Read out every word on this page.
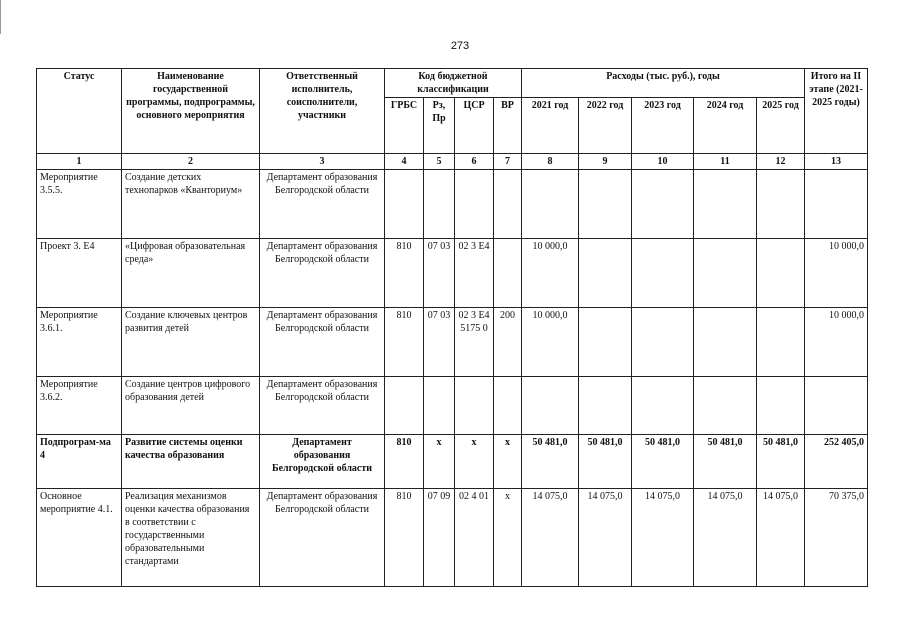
273
Статус	Наименование государственной программы, подпрограммы, основного мероприятия	Ответственный исполнитель, соисполнители, участники	Код бюджетной классификации				Расходы (тыс. руб.), годы					Итого на II этапе (2021-2025 годы)
			ГРБС	Рз, Пр	ЦСР	ВР	2021 год	2022 год	2023 год	2024 год	2025 год	
1	2	3	4	5	6	7	8	9	10	11	12	13
Мероприятие 3.5.5.	Создание детских технопарков «Кванториум»	Департамент образования Белгородской области										
Проект 3. Е4	«Цифровая образовательная среда»	Департамент образования Белгородской области	810	07 03	02 3 Е4		10 000,0					10 000,0
Мероприятие 3.6.1.	Создание ключевых центров развития детей	Департамент образования Белгородской области	810	07 03	02 3 Е4 5175 0	200	10 000,0					10 000,0
Мероприятие 3.6.2.	Создание центров цифрового образования детей	Департамент образования Белгородской области										
Подпрограм-ма 4	Развитие системы оценки качества образования	Департамент образования Белгородской области	810	х	х	х	50 481,0	50 481,0	50 481,0	50 481,0	50 481,0	252 405,0
Основное мероприятие 4.1.	Реализация механизмов оценки качества образования в соответствии с государственными образовательными стандартами	Департамент образования Белгородской области	810	07 09	02 4 01	х	14 075,0	14 075,0	14 075,0	14 075,0	14 075,0	70 375,0
